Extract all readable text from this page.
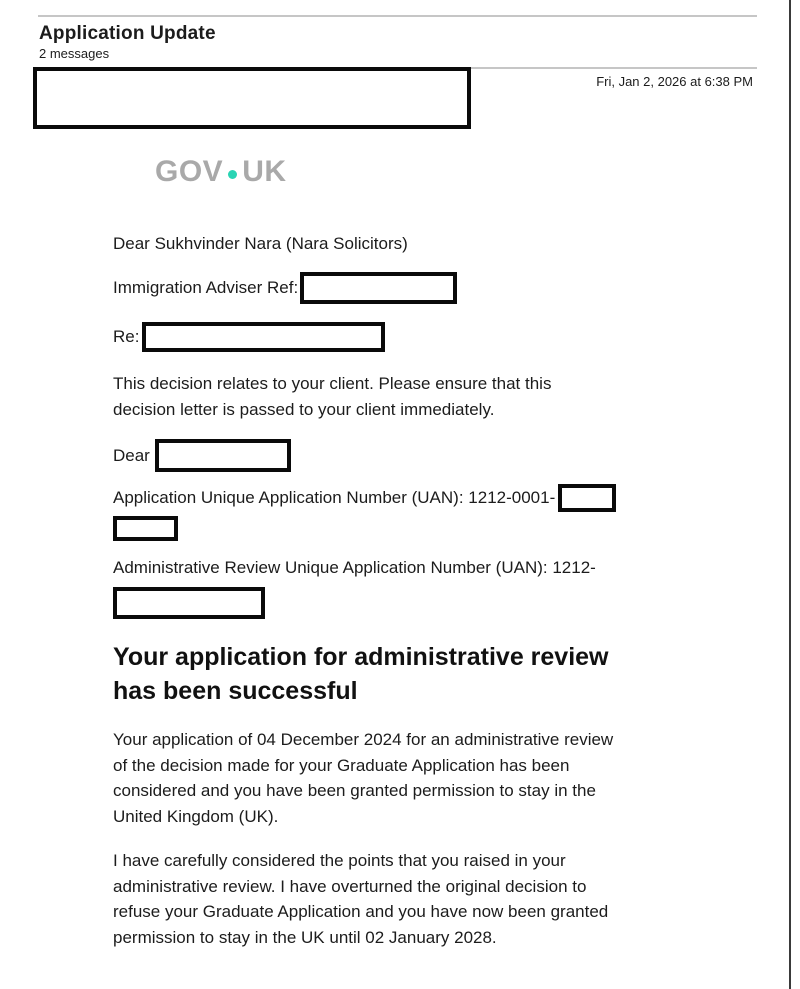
Application Update
2 messages
Fri, Jan 2, 2026 at 6:38 PM
GOV UK
Dear Sukhvinder Nara (Nara Solicitors)
Immigration Adviser Ref:
Re:
This decision relates to your client. Please ensure that this
decision letter is passed to your client immediately.
Dear
Application Unique Application Number (UAN): 1212-0001-
Administrative Review Unique Application Number (UAN): 1212-
Your application for administrative review
has been successful
Your application of 04 December 2024 for an administrative review
of the decision made for your Graduate Application has been
considered and you have been granted permission to stay in the
United Kingdom (UK).
I have carefully considered the points that you raised in your
administrative review. I have overturned the original decision to
refuse your Graduate Application and you have now been granted
permission to stay in the UK until 02 January 2028.
